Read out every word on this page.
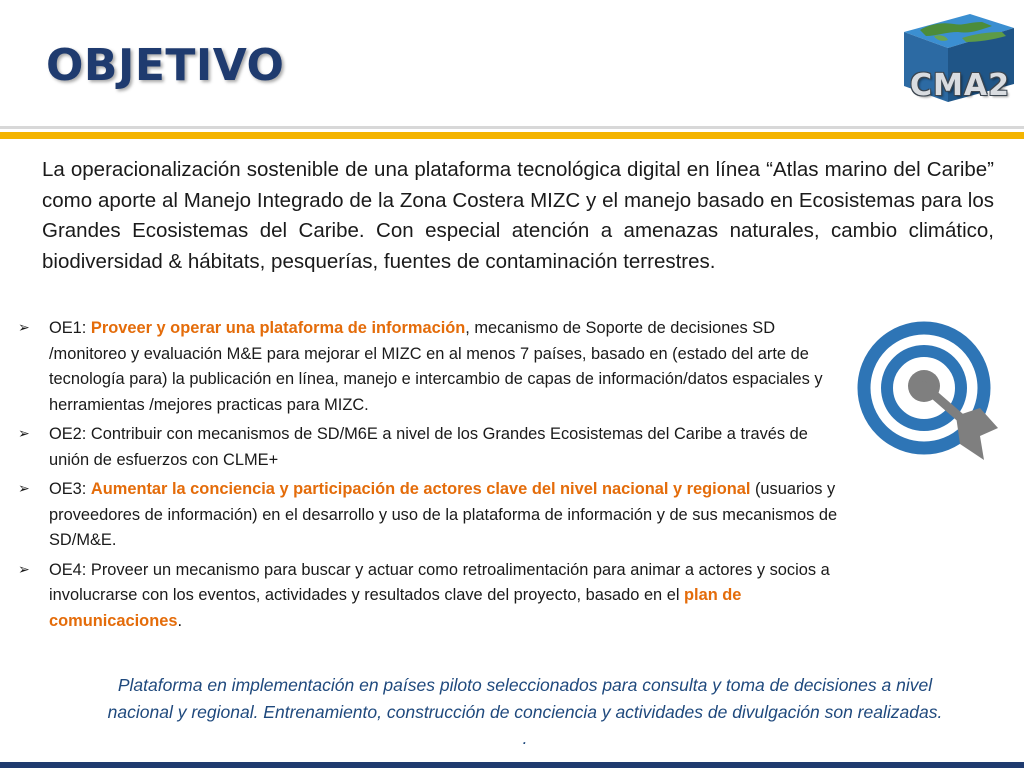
OBJETIVO	CMA2
La operacionalización sostenible de una plataforma tecnológica digital en línea “Atlas marino del Caribe” como aporte al Manejo Integrado de la Zona Costera MIZC y el manejo basado en Ecosistemas para los Grandes Ecosistemas del Caribe. Con especial atención a amenazas naturales, cambio climático, biodiversidad & hábitats, pesquerías, fuentes de contaminación terrestres.
➢ OE1: Proveer y operar una plataforma de información, mecanismo de Soporte de decisiones SD /monitoreo y evaluación M&E para mejorar el MIZC en al menos 7 países, basado en (estado del arte de tecnología para) la publicación en línea, manejo e intercambio de capas de información/datos espaciales y herramientas /mejores practicas para MIZC.
➢ OE2: Contribuir con mecanismos de SD/M6E a nivel de los Grandes Ecosistemas del Caribe a través de unión de esfuerzos con CLME+
➢ OE3: Aumentar la conciencia y participación de actores clave del nivel nacional y regional (usuarios y proveedores de información) en el desarrollo y uso de la plataforma de información y de sus mecanismos de SD/M&E.
➢ OE4: Proveer un mecanismo para buscar y actuar como retroalimentación para animar a actores y socios a involucrarse con los eventos, actividades y resultados clave del proyecto, basado en el plan de comunicaciones.
Plataforma en implementación en países piloto seleccionados para consulta y toma de decisiones a nivel
nacional y regional. Entrenamiento, construcción de conciencia y actividades de divulgación son realizadas.
.
